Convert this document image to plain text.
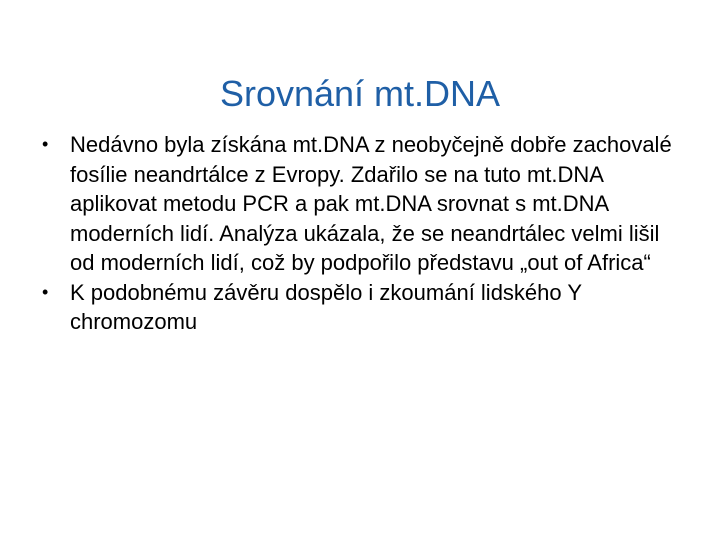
Srovnání mt.DNA
• Nedávno byla získána mt.DNA z neobyčejně dobře zachovalé fosílie neandrtálce z Evropy. Zdařilo se na tuto mt.DNA aplikovat metodu PCR a pak mt.DNA srovnat s mt.DNA moderních lidí. Analýza ukázala, že se neandrtálec velmi lišil od moderních lidí, což by podpořilo představu „out of Africa“
• K podobnému závěru dospělo i zkoumání lidského Y chromozomu
